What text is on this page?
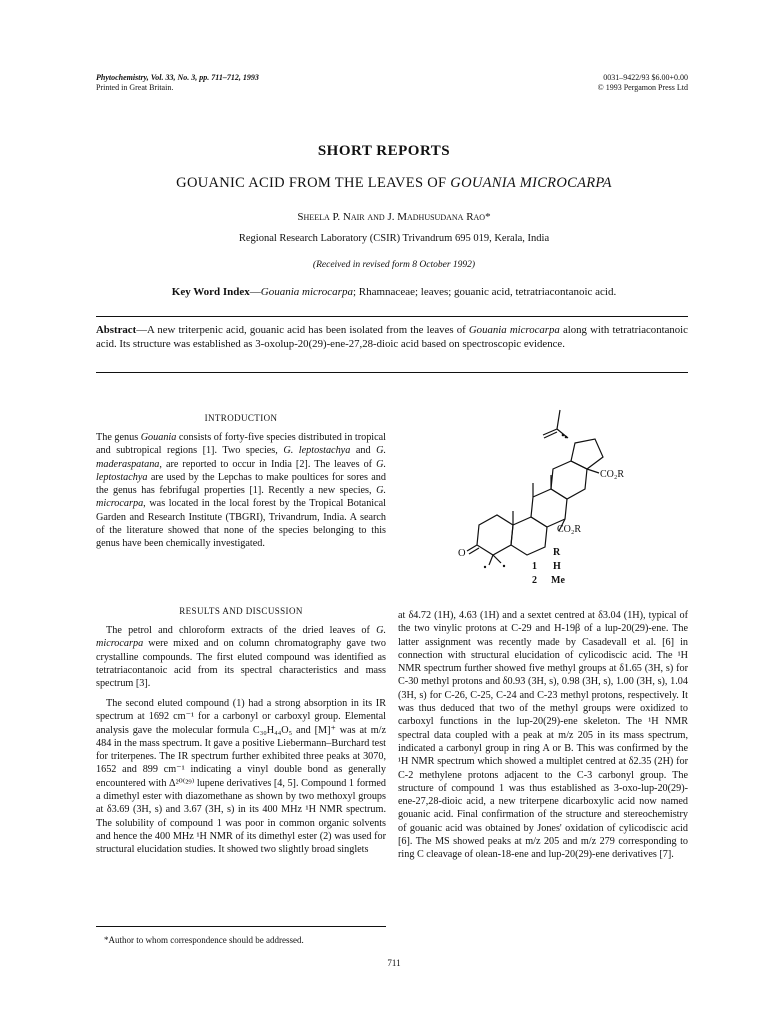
Phytochemistry, Vol. 33, No. 3, pp. 711–712, 1993
Printed in Great Britain.
0031–9422/93 $6.00+0.00
© 1993 Pergamon Press Ltd
SHORT REPORTS
GOUANIC ACID FROM THE LEAVES OF GOUANIA MICROCARPA
Sheela P. Nair and J. Madhusudana Rao*
Regional Research Laboratory (CSIR) Trivandrum 695 019, Kerala, India
(Received in revised form 8 October 1992)
Key Word Index—Gouania microcarpa; Rhamnaceae; leaves; gouanic acid, tetratriacontanoic acid.
Abstract—A new triterpenic acid, gouanic acid has been isolated from the leaves of Gouania microcarpa along with tetratriacontanoic acid. Its structure was established as 3-oxolup-20(29)-ene-27,28-dioic acid based on spectroscopic evidence.
INTRODUCTION
The genus Gouania consists of forty-five species distributed in tropical and subtropical regions [1]. Two species, G. leptostachya and G. maderaspatana, are reported to occur in India [2]. The leaves of G. leptostachya are used by the Lepchas to make poultices for sores and the genus has febrifugal properties [1]. Recently a new species, G. microcarpa, was located in the local forest by the Tropical Botanical Garden and Research Institute (TBGRI), Trivandrum, India. A search of the literature showed that none of the species belonging to this genus have been chemically investigated.
CO₂R
CO₂R
O	R
1 H
2 Me
RESULTS AND DISCUSSION
The petrol and chloroform extracts of the dried leaves of G. microcarpa were mixed and on column chromatography gave two crystalline compounds. The first eluted compound was identified as tetratriacontanoic acid from its spectral characteristics and mass spectrum [3].
The second eluted compound (1) had a strong absorption in its IR spectrum at 1692 cm⁻¹ for a carbonyl or carboxyl group. Elemental analysis gave the molecular formula C₃₀H₄₄O₅ and [M]⁺ was at m/z 484 in the mass spectrum. It gave a positive Liebermann–Burchard test for triterpenes. The IR spectrum further exhibited three peaks at 3070, 1652 and 899 cm⁻¹ indicating a vinyl double bond as generally encountered with Δ²⁰⁽²⁹⁾ lupene derivatives [4, 5]. Compound 1 formed a dimethyl ester with diazomethane as shown by two methoxyl groups at δ3.69 (3H, s) and 3.67 (3H, s) in its 400 MHz ¹H NMR spectrum. The solubility of compound 1 was poor in common organic solvents and hence the 400 MHz ¹H NMR of its dimethyl ester (2) was used for structural elucidation studies. It showed two slightly broad singlets
at δ4.72 (1H), 4.63 (1H) and a sextet centred at δ3.04 (1H), typical of the two vinylic protons at C-29 and H-19β of a lup-20(29)-ene. The latter assignment was recently made by Casadevall et al. [6] in connection with structural elucidation of cylicodiscic acid. The ¹H NMR spectrum further showed five methyl groups at δ1.65 (3H, s) for C-30 methyl protons and δ0.93 (3H, s), 0.98 (3H, s), 1.00 (3H, s), 1.04 (3H, s) for C-26, C-25, C-24 and C-23 methyl protons, respectively. It was thus deduced that two of the methyl groups were oxidized to carboxyl functions in the lup-20(29)-ene skeleton. The ¹H NMR spectral data coupled with a peak at m/z 205 in its mass spectrum, indicated a carbonyl group in ring A or B. This was confirmed by the ¹H NMR spectrum which showed a multiplet centred at δ2.35 (2H) for C-2 methylene protons adjacent to the C-3 carbonyl group. The structure of compound 1 was thus established as 3-oxo-lup-20(29)-ene-27,28-dioic acid, a new triterpene dicarboxylic acid now named gouanic acid. Final confirmation of the structure and stereochemistry of gouanic acid was obtained by Jones' oxidation of cylicodiscic acid [6]. The MS showed peaks at m/z 205 and m/z 279 corresponding to ring C cleavage of olean-18-ene and lup-20(29)-ene derivatives [7].
*Author to whom correspondence should be addressed.
711
